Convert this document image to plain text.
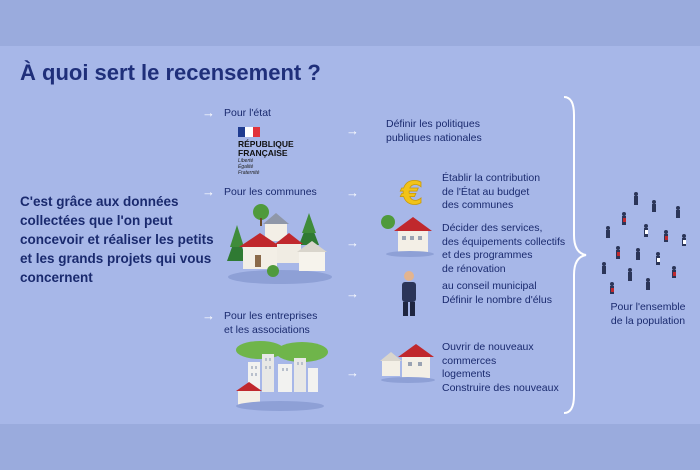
À quoi sert le recensement ?
C'est grâce aux données collectées que l'on peut concevoir et réaliser les petits et les grands projets qui vous concernent
→ Pour l'état
RÉPUBLIQUE
FRANÇAISE
Liberté
Égalité
Fraternité
→ Pour les communes
→ Pour les entreprises
et les associations
→
→
→
→
→
Définir les politiques
publiques nationales
€ Établir la contribution
de l'État au budget
des communes
Décider des services,
des équipements collectifs
et des programmes
de rénovation
au conseil municipal
Définir le nombre d'élus
Ouvrir de nouveaux
commerces
logements
Construire des nouveaux
Pour l'ensemble
de la population
